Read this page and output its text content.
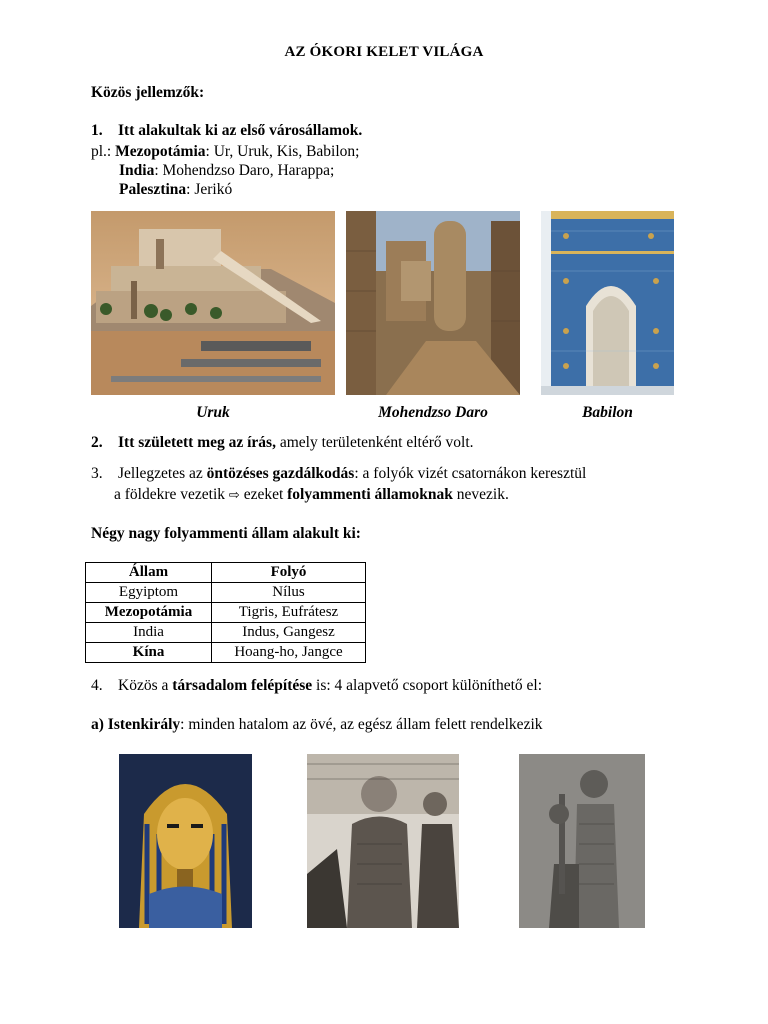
AZ ÓKORI KELET VILÁGA
Közös jellemzők:
1. Itt alakultak ki az első városállamok.
pl.: Mezopotámia: Ur, Uruk, Kis, Babilon;
India: Mohendzso Daro, Harappa;
Palesztina: Jerikó
Uruk	Mohendzso Daro	Babilon
2. Itt született meg az írás, amely területenként eltérő volt.
3. Jellegzetes az öntözéses gazdálkodás: a folyók vizét csatornákon keresztül
a földekre vezetik ⇨ ezeket folyammenti államoknak nevezik.
Négy nagy folyammenti állam alakult ki:
Állam	Folyó
Egyiptom	Nílus
Mezopotámia	Tigris, Eufrátesz
India	Indus, Gangesz
Kína	Hoang-ho, Jangce
4. Közös a társadalom felépítése is: 4 alapvető csoport különíthető el:
a) Istenkirály: minden hatalom az övé, az egész állam felett rendelkezik
